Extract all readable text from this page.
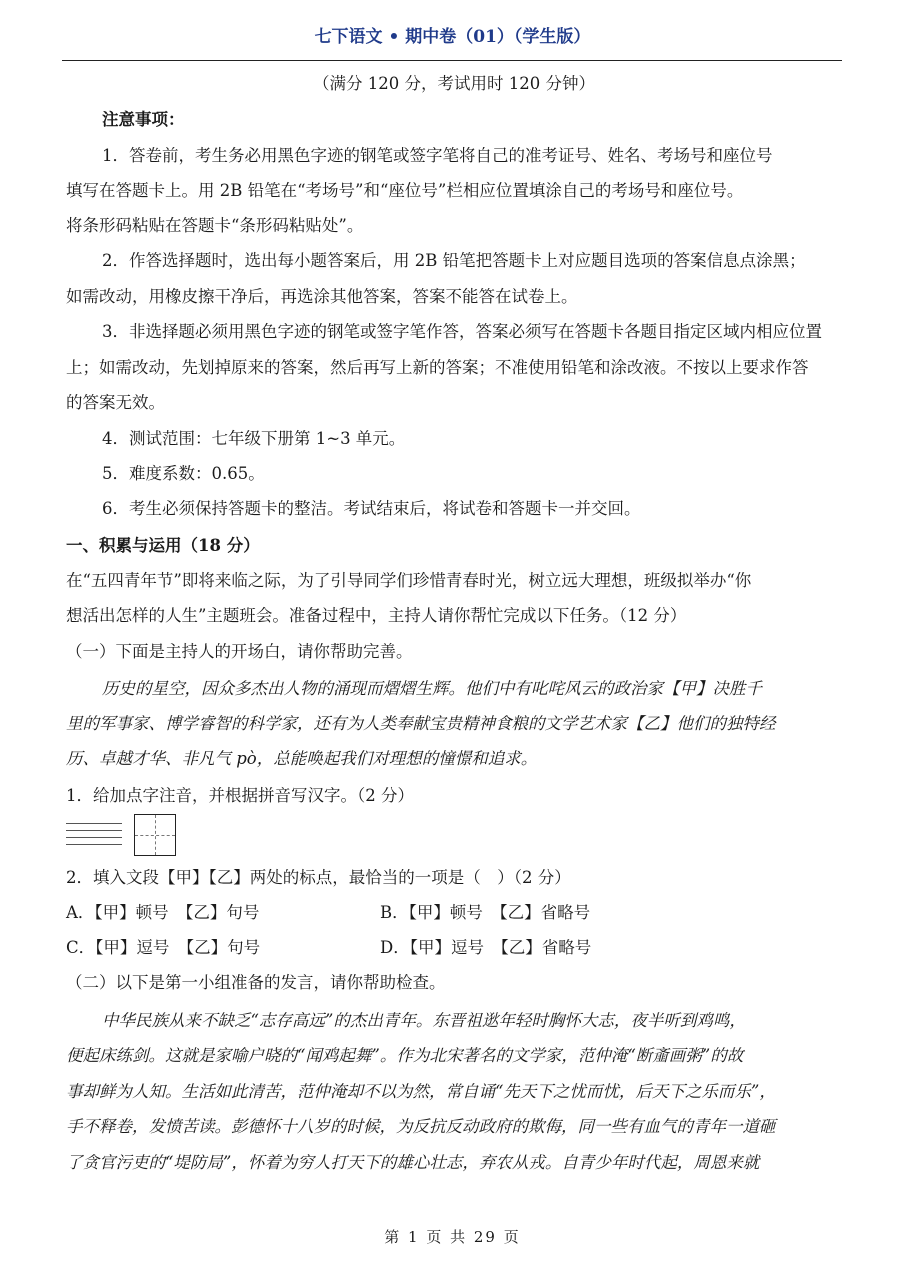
七下语文 • 期中卷（01）（学生版）
（满分 120 分，考试用时 120 分钟）
注意事项：
1．答卷前，考生务必用黑色字迹的钢笔或签字笔将自己的准考证号、姓名、考场号和座位号
填写在答题卡上。用 2B 铅笔在“考场号”和“座位号”栏相应位置填涂自己的考场号和座位号。
将条形码粘贴在答题卡“条形码粘贴处”。
2．作答选择题时，选出每小题答案后，用 2B 铅笔把答题卡上对应题目选项的答案信息点涂黑；
如需改动，用橡皮擦干净后，再选涂其他答案，答案不能答在试卷上。
3．非选择题必须用黑色字迹的钢笔或签字笔作答，答案必须写在答题卡各题目指定区域内相应位置
上；如需改动，先划掉原来的答案，然后再写上新的答案；不准使用铅笔和涂改液。不按以上要求作答
的答案无效。
4．测试范围：七年级下册第 1~3 单元。
5．难度系数：0.65。
6．考生必须保持答题卡的整洁。考试结束后，将试卷和答题卡一并交回。
一、积累与运用（18 分）
在“五四青年节”即将来临之际，为了引导同学们珍惜青春时光，树立远大理想，班级拟举办“你
想活出怎样的人生”主题班会。准备过程中，主持人请你帮忙完成以下任务。（12 分）
（一）下面是主持人的开场白，请你帮助完善。
历史的星空，因众多杰出人物的涌现而熠熠生辉。他们中有叱咤风云的政治家【甲】决胜千
里的军事家、博学睿智的科学家，还有为人类奉献宝贵精神食粮的文学艺术家【乙】他们的独特经
历、卓越才华、非凡气 pò，总能唤起我们对理想的憧憬和追求。
1．给加点字注音，并根据拼音写汉字。（2 分）
2．填入文段【甲】【乙】两处的标点，最恰当的一项是（　）（2 分）
A．【甲】顿号　【乙】句号	B．【甲】顿号　【乙】省略号
C．【甲】逗号　【乙】句号	D．【甲】逗号　【乙】省略号
（二）以下是第一小组准备的发言，请你帮助检查。
中华民族从来不缺乏“志存高远”的杰出青年。东晋祖逖年轻时胸怀大志，夜半听到鸡鸣，
便起床练剑。这就是家喻户晓的“闻鸡起舞”。作为北宋著名的文学家，范仲淹“断齑画粥”的故
事却鲜为人知。生活如此清苦，范仲淹却不以为然，常自诵“先天下之忧而忧，后天下之乐而乐”，
手不释卷，发愤苦读。彭德怀十八岁的时候，为反抗反动政府的欺侮，同一些有血气的青年一道砸
了贪官污吏的“堤防局”，怀着为穷人打天下的雄心壮志，弃农从戎。自青少年时代起，周恩来就
第 1 页 共 29 页
